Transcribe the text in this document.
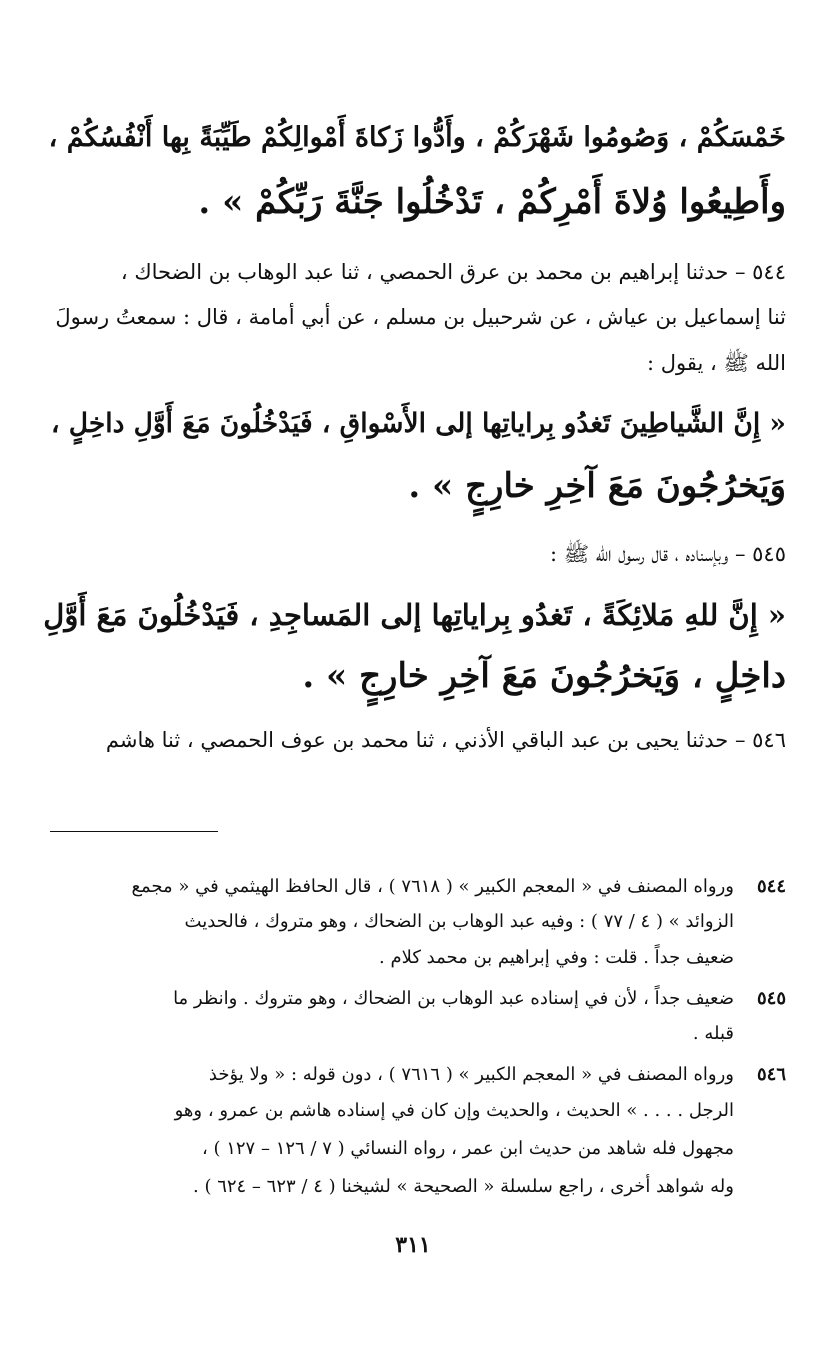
خَمْسَكُمْ ، وَصُومُوا شَهْرَكُمْ ، وأَدُّوا زَكاةَ أَمْوالِكُمْ طَيِّبَةً بِها أَنْفُسُكُمْ ،
وأَطِيعُوا وُلاةَ أَمْرِكُمْ ، تَدْخُلُوا جَنَّةَ رَبِّكُمْ » .
٥٤٤ – حدثنا إبراهيم بن محمد بن عرق الحمصي ، ثنا عبد الوهاب بن الضحاك ،
ثنا إسماعيل بن عياش ، عن شرحبيل بن مسلم ، عن أبي أمامة ، قال : سمعتُ رسولَ
الله ﷺ ، يقول :
« إِنَّ الشَّياطِينَ تَغدُو بِراياتِها إلى الأَسْواقِ ، فَيَدْخُلُونَ مَعَ أَوَّلِ داخِلٍ ،
وَيَخرُجُونَ مَعَ آخِرِ خارِجٍ » .
٥٤٥ – وبإسناده ، قال رسول الله ﷺ :
« إِنَّ للهِ مَلائِكَةً ، تَغدُو بِراياتِها إلى المَساجِدِ ، فَيَدْخُلُونَ مَعَ أَوَّلِ
داخِلٍ ، وَيَخرُجُونَ مَعَ آخِرِ خارِجٍ » .
٥٤٦ – حدثنا يحيى بن عبد الباقي الأذني ، ثنا محمد بن عوف الحمصي ، ثنا هاشم
٥٤٤
ورواه المصنف في « المعجم الكبير » ( ٧٦١٨ ) ، قال الحافظ الهيثمي في « مجمع
الزوائد » ( ٤ / ٧٧ ) : وفيه عبد الوهاب بن الضحاك ، وهو متروك ، فالحديث
ضعيف جداً . قلت : وفي إبراهيم بن محمد كلام .
٥٤٥
ضعيف جداً ، لأن في إسناده عبد الوهاب بن الضحاك ، وهو متروك . وانظر ما
قبله .
٥٤٦
ورواه المصنف في « المعجم الكبير » ( ٧٦١٦ ) ، دون قوله : « ولا يؤخذ
الرجل . . . . » الحديث ، والحديث وإن كان في إسناده هاشم بن عمرو ، وهو
مجهول فله شاهد من حديث ابن عمر ، رواه النسائي ( ٧ / ١٢٦ – ١٢٧ ) ،
وله شواهد أخرى ، راجع سلسلة « الصحيحة » لشيخنا ( ٤ / ٦٢٣ – ٦٢٤ ) .
٣١١
